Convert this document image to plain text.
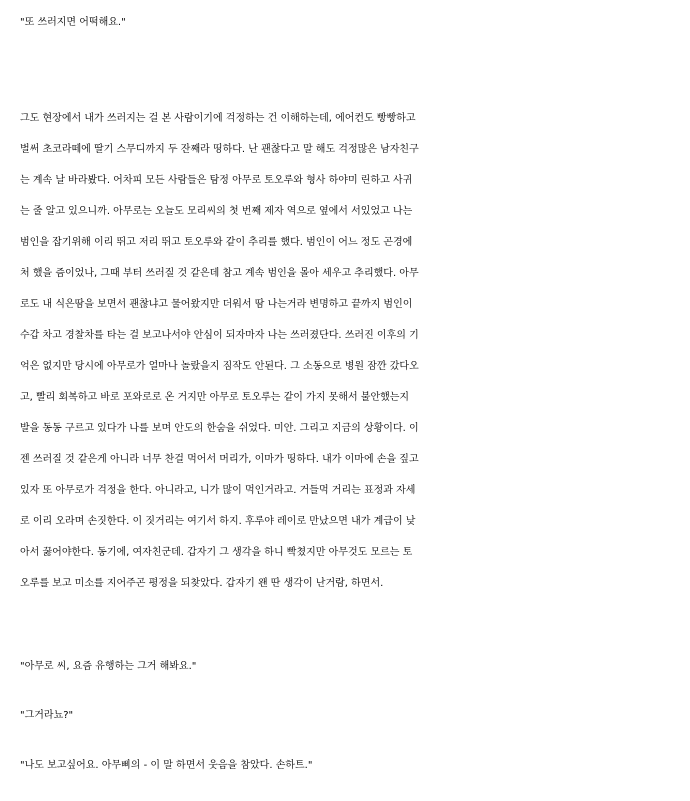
"또 쓰러지면 어떡해요."

그도 현장에서 내가 쓰러지는 걸 본 사람이기에 걱정하는 건 이해하는데, 에어컨도 빵빵하고
벌써 초코라떼에 딸기 스무디까지 두 잔째라 띵하다. 난 괜찮다고 말 해도 걱정많은 남자친구
는 계속 날 바라봤다. 어차피 모든 사람들은 탐정 아무로 토오루와 형사 하야미 린하고 사귀
는 줄 알고 있으니까. 아무로는 오늘도 모리씨의 첫 번째 제자 역으로 옆에서 서있었고 나는
범인을 잡기위해 이리 뛰고 저리 뛰고 토오루와 같이 추리를 했다. 범인이 어느 정도 곤경에
처 했을 즘이었나, 그때 부터 쓰러질 것 같은데 참고 계속 범인을 몰아 세우고 추리했다. 아무
로도 내 식은땀을 보면서 괜찮냐고 물어왔지만 더워서 땀 나는거라 변명하고 끝까지 범인이
수갑 차고 경찰차를 타는 걸 보고나서야 안심이 되자마자 나는 쓰러졌단다. 쓰러진 이후의 기
억은 없지만 당시에 아무로가 얼마나 놀랐을지 짐작도 안된다. 그 소동으로 병원 잠깐 갔다오
고, 빨리 회복하고 바로 포와로로 온 거지만 아무로 토오루는 같이 가지 못해서 불안했는지
발을 동동 구르고 있다가 나를 보며 안도의 한숨을 쉬었다. 미안. 그리고 지금의 상황이다. 이
젠 쓰러질 것 같은게 아니라 너무 찬걸 먹어서 머리가, 이마가 띵하다. 내가 이마에 손을 짚고
있자 또 아무로가 걱정을 한다. 아니라고, 니가 많이 먹인거라고. 거들먹 거리는 표정과 자세
로 이리 오라며 손짓한다. 이 짓거리는 여기서 하지. 후루야 레이로 만났으면 내가 계급이 낮
아서 꿇어야한다. 동기에, 여자친군데. 갑자기 그 생각을 하니 빡쳤지만 아무것도 모르는 토
오루를 보고 미소를 지어주곤 평정을 되찾았다. 갑자기 왠 딴 생각이 난거람, 하면서.

"아무로 씨, 요즘 유행하는 그거 해봐요."

"그거라뇨?"

"나도 보고싶어요. 아무삐의 - 이 말 하면서 웃음을 참았다. 손하트."
